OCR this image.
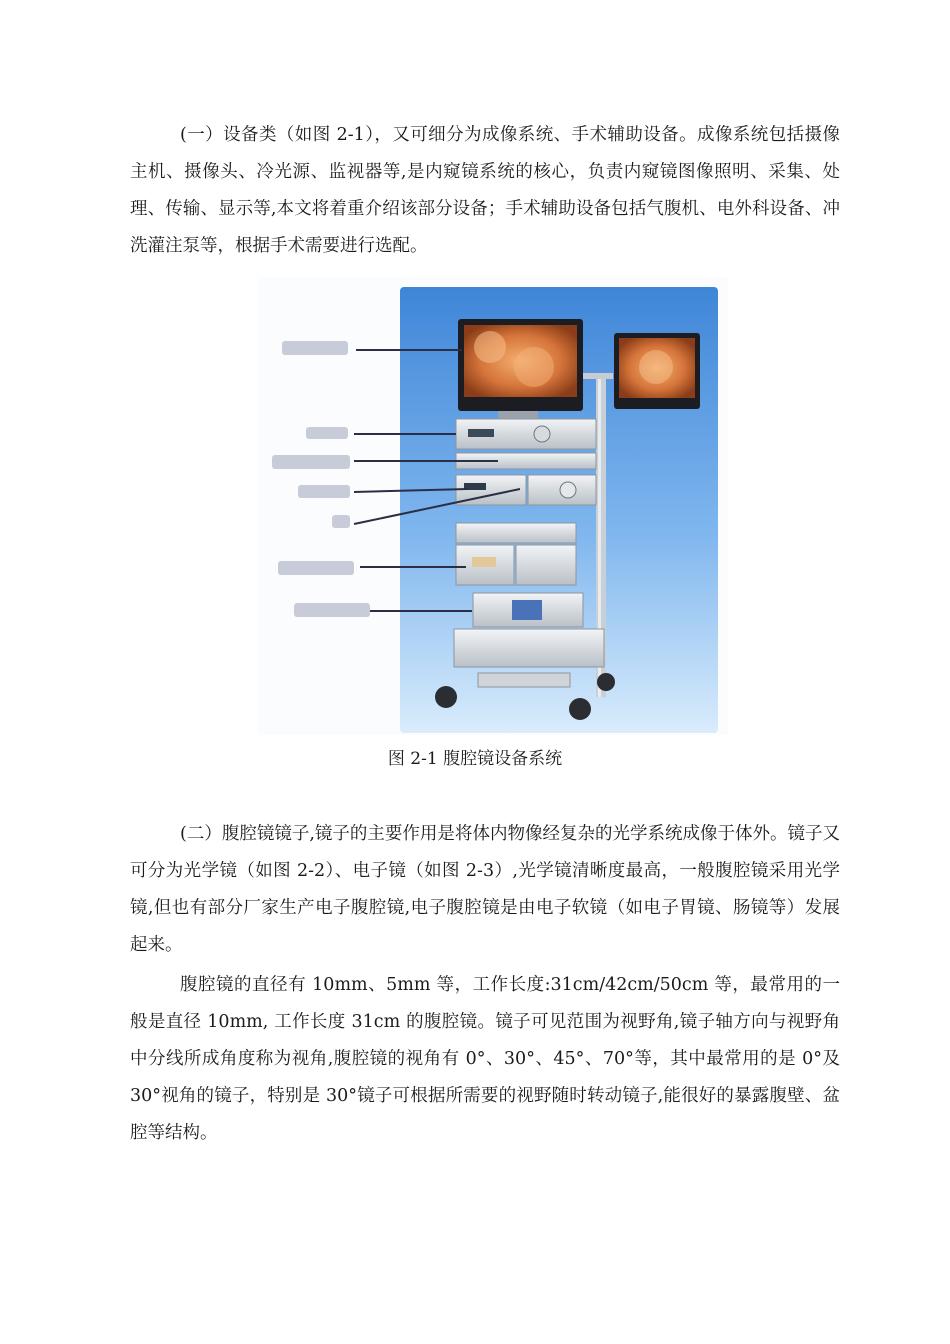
(一）设备类（如图 2-1），又可细分为成像系统、手术辅助设备。成像系统包括摄像主机、摄像头、冷光源、监视器等,是内窥镜系统的核心，负责内窥镜图像照明、采集、处理、传输、显示等,本文将着重介绍该部分设备；手术辅助设备包括气腹机、电外科设备、冲洗灌注泵等，根据手术需要进行选配。

图 2-1 腹腔镜设备系统

(二）腹腔镜镜子,镜子的主要作用是将体内物像经复杂的光学系统成像于体外。镜子又可分为光学镜（如图 2-2）、电子镜（如图 2-3）,光学镜清晰度最高，一般腹腔镜采用光学镜,但也有部分厂家生产电子腹腔镜,电子腹腔镜是由电子软镜（如电子胃镜、肠镜等）发展起来。

腹腔镜的直径有 10mm、5mm 等，工作长度:31cm/42cm/50cm 等，最常用的一般是直径 10mm, 工作长度 31cm 的腹腔镜。镜子可见范围为视野角,镜子轴方向与视野角中分线所成角度称为视角,腹腔镜的视角有 0°、30°、45°、70°等，其中最常用的是 0°及 30°视角的镜子，特别是 30°镜子可根据所需要的视野随时转动镜子,能很好的暴露腹壁、盆腔等结构。
